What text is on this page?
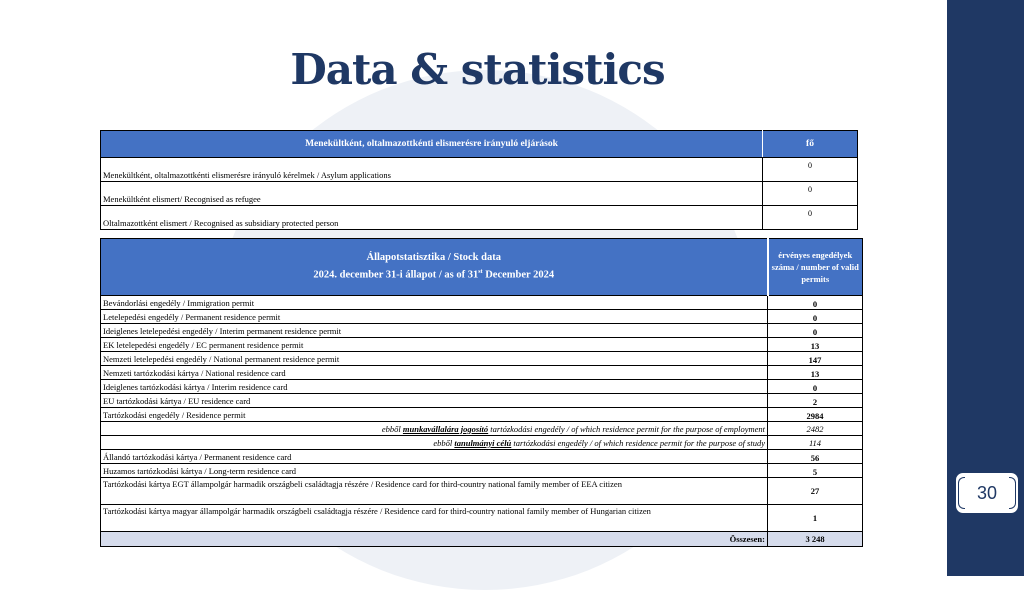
30
Data & statistics
Menekültként, oltalmazottkénti elismerésre irányuló eljárások	fő
Menekültként, oltalmazottkénti elismerésre irányuló kérelmek / Asylum applications	0
Menekültként elismert/ Recognised as refugee	0
Oltalmazottként elismert / Recognised as subsidiary protected person	0
Állapotstatisztika / Stock data
2024. december 31-i állapot / as of 31st December 2024	érvényes engedélyek száma / number of valid permits
Bevándorlási engedély / Immigration permit	0
Letelepedési engedély / Permanent residence permit	0
Ideiglenes letelepedési engedély / Interim permanent residence permit	0
EK letelepedési engedély / EC permanent residence permit	13
Nemzeti letelepedési engedély / National permanent residence permit	147
Nemzeti tartózkodási kártya / National residence card	13
Ideiglenes tartózkodási kártya / Interim residence card	0
EU tartózkodási kártya / EU residence card	2
Tartózkodási engedély / Residence permit	2984
ebből munkavállalára jogosító tartózkodási engedély / of which residence permit for the purpose of employment	2482
ebből tanulmányi célú tartózkodási engedély / of which residence permit for the purpose of study	114
Állandó tartózkodási kártya / Permanent residence card	56
Huzamos tartózkodási kártya / Long-term residence card	5
Tartózkodási kártya EGT állampolgár harmadik országbeli családtagja részére / Residence card for third-country national family member of EEA citizen	27
Tartózkodási kártya magyar állampolgár harmadik országbeli családtagja részére / Residence card for third-country national family member of Hungarian citizen	1
Összesen:	3 248
